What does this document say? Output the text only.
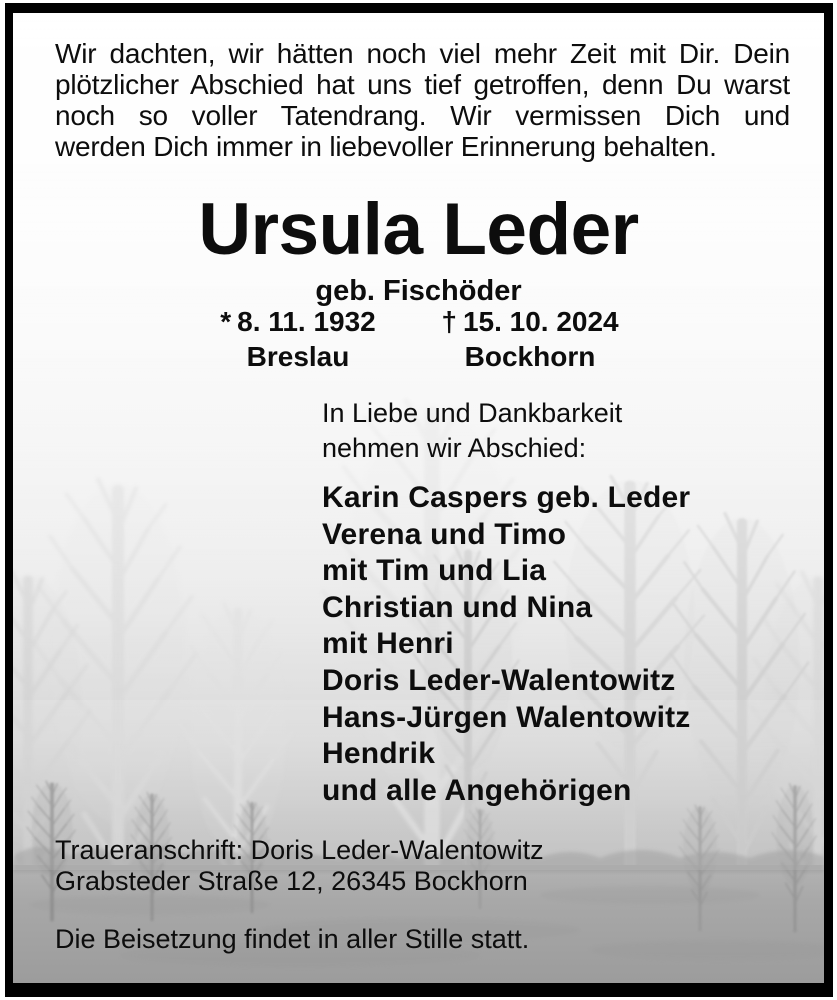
Wir dachten, wir hätten noch viel mehr Zeit mit Dir. Dein
plötzlicher Abschied hat uns tief getroffen, denn Du warst
noch so voller Tatendrang. Wir vermissen Dich und
werden Dich immer in liebevoller Erinnerung behalten.
Ursula Leder
geb. Fischöder
* 8. 11. 1932
Breslau
† 15. 10. 2024
Bockhorn
In Liebe und Dankbarkeit
nehmen wir Abschied:
Karin Caspers geb. Leder
Verena und Timo
mit Tim und Lia
Christian und Nina
mit Henri
Doris Leder-Walentowitz
Hans-Jürgen Walentowitz
Hendrik
und alle Angehörigen
Traueranschrift: Doris Leder-Walentowitz
Grabsteder Straße 12, 26345 Bockhorn
Die Beisetzung findet in aller Stille statt.
